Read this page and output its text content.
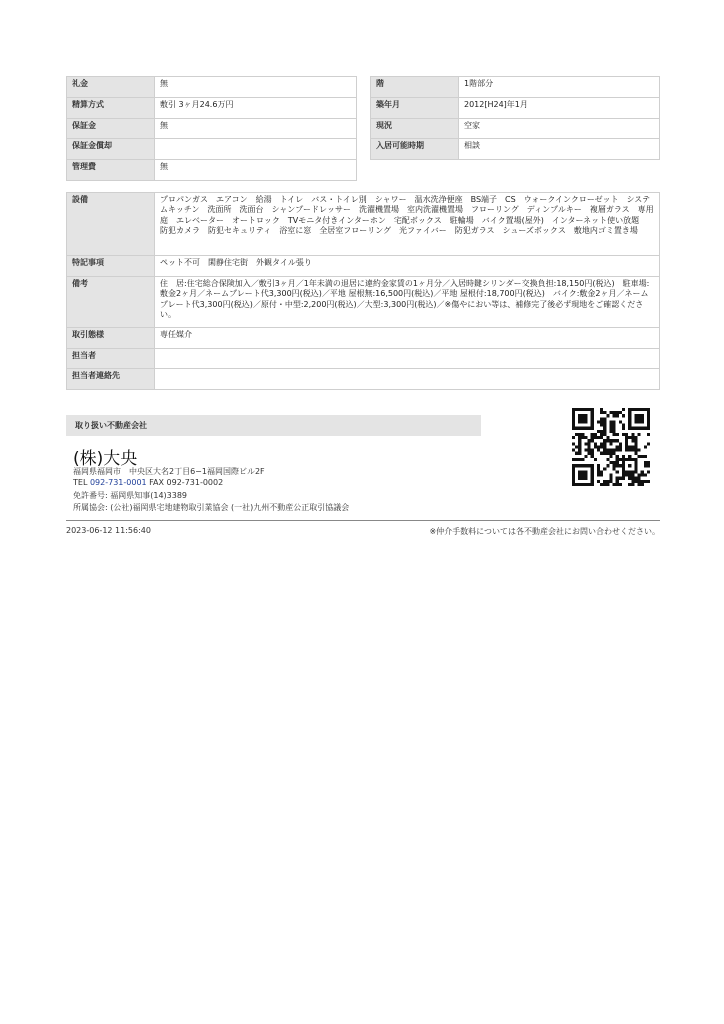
礼金	無
精算方式	敷引 3ヶ月24.6万円
保証金	無
保証金償却	
管理費	無
階	1階部分
築年月	2012[H24]年1月
現況	空家
入居可能時期	相談
設備	プロパンガス　エアコン　給湯　トイレ　バス・トイレ別　シャワー　温水洗浄便座　BS端子　CS　ウォークインクローゼット　システムキッチン　洗面所　洗面台　シャンプードレッサー　洗濯機置場　室内洗濯機置場　フローリング　ディンプルキー　複層ガラス　専用庭　エレベーター　オートロック　TVモニタ付きインターホン　宅配ボックス　駐輪場　バイク置場(屋外)　インターネット使い放題　防犯カメラ　防犯セキュリティ　浴室に窓　全居室フローリング　光ファイバー　防犯ガラス　シューズボックス　敷地内ゴミ置き場
特記事項	ペット不可　閑静住宅街　外観タイル張り
備考	住　居:住宅総合保険加入／敷引3ヶ月／1年未満の退居に違約金家賃の1ヶ月分／入居時鍵シリンダー交換負担:18,150円(税込)　駐車場:敷金2ヶ月／ネームプレート代3,300円(税込)／平地 屋根無:16,500円(税込)／平地 屋根付:18,700円(税込)　バイク:敷金2ヶ月／ネームプレート代3,300円(税込)／原付・中型:2,200円(税込)／大型:3,300円(税込)／※傷やにおい等は、補修完了後必ず現地をご確認ください。
取引態様	専任媒介
担当者	
担当者連絡先	
取り扱い不動産会社
(株)大央
福岡県福岡市　中央区大名2丁目6−1福岡国際ビル2F
TEL 092-731-0001 FAX 092-731-0002
免許番号: 福岡県知事(14)3389
所属協会: (公社)福岡県宅地建物取引業協会 (一社)九州不動産公正取引協議会
2023-06-12 11:56:40	※仲介手数料については各不動産会社にお問い合わせください。
